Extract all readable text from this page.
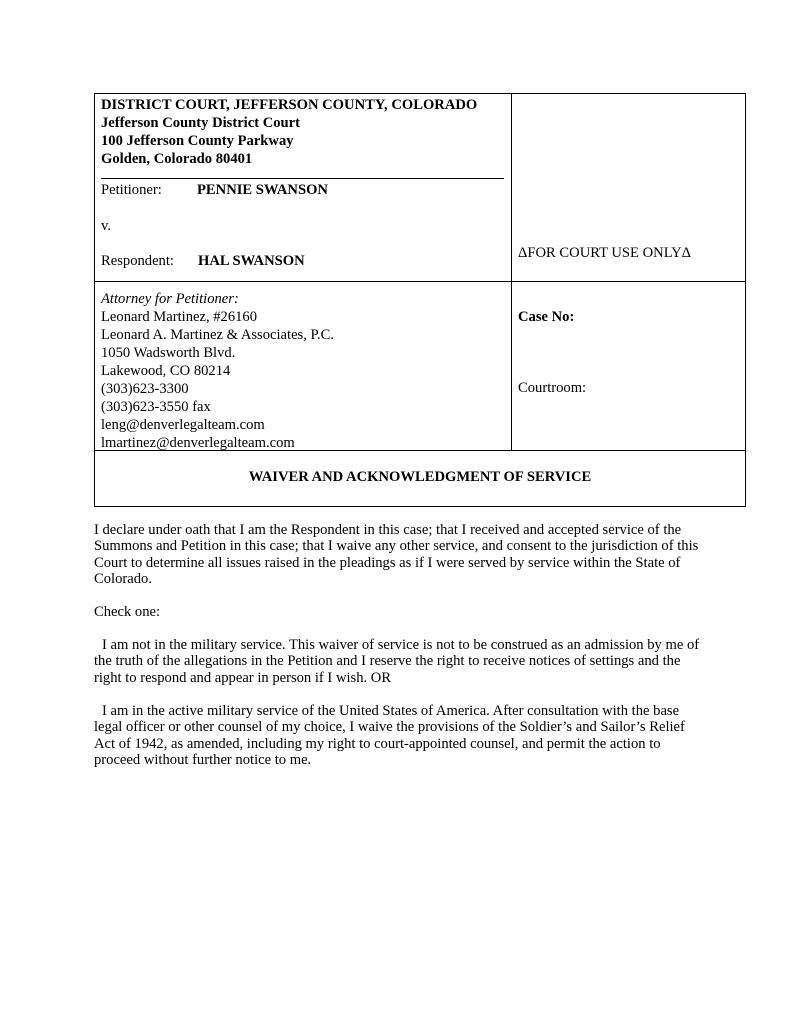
DISTRICT COURT, JEFFERSON COUNTY, COLORADO
Jefferson County District Court
100 Jefferson County Parkway
Golden, Colorado 80401
Petitioner:	PENNIE SWANSON
v.
Respondent:	HAL SWANSON	ΔFOR COURT USE ONLYΔ
Attorney for Petitioner:
Leonard Martinez, #26160
Leonard A. Martinez & Associates, P.C.
1050 Wadsworth Blvd.
Lakewood, CO 80214
(303)623-3300
(303)623-3550 fax
leng@denverlegalteam.com
lmartinez@denverlegalteam.com
Case No:
Courtroom:
WAIVER AND ACKNOWLEDGMENT OF SERVICE

I declare under oath that I am the Respondent in this case; that I received and accepted service of the Summons and Petition in this case; that I waive any other service, and consent to the jurisdiction of this Court to determine all issues raised in the pleadings as if I were served by service within the State of Colorado.

Check one:

I am not in the military service. This waiver of service is not to be construed as an admission by me of the truth of the allegations in the Petition and I reserve the right to receive notices of settings and the right to respond and appear in person if I wish. OR

I am in the active military service of the United States of America. After consultation with the base legal officer or other counsel of my choice, I waive the provisions of the Soldier’s and Sailor’s Relief Act of 1942, as amended, including my right to court-appointed counsel, and permit the action to proceed without further notice to me.
